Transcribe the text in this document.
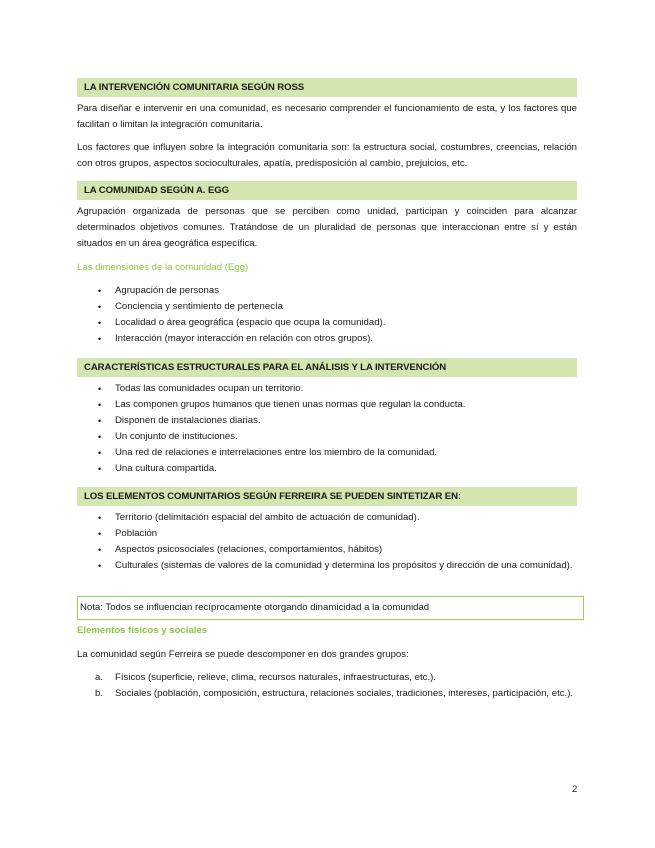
LA INTERVENCIÓN COMUNITARIA SEGÚN ROSS

Para diseñar e intervenir en una comunidad, es necesario comprender el funcionamiento de esta, y los factores que facilitan o limitan la integración comunitaria.

Los factores que influyen sobre la integración comunitaria son: la estructura social, costumbres, creencias, relación con otros grupos, aspectos socioculturales, apatía, predisposición al cambio, prejuicios, etc.

LA COMUNIDAD SEGÚN A. EGG

Agrupación organizada de personas que se perciben como unidad, participan y coinciden para alcanzar determinados objetivos comunes. Tratándose de un pluralidad de personas que interaccionan entre sí y están situados en un área geográfica específica.

Las dimensiones de la comunidad (Egg)
• Agrupación de personas
• Conciencia y sentimiento de pertenecía
• Localidad o área geográfica (espacio que ocupa la comunidad).
• Interacción (mayor interacción en relación con otros grupos).
CARACTERÍSTICAS ESTRUCTURALES PARA EL ANÁLISIS Y LA INTERVENCIÓN
• Todas las comunidades ocupan un territorio.
• Las componen grupos humanos que tienen unas normas que regulan la conducta.
• Disponen de instalaciones diarias.
• Un conjunto de instituciones.
• Una red de relaciones e interrelaciones entre los miembro de la comunidad.
• Una cultura compartida.
LOS ELEMENTOS COMUNITARIOS SEGÚN FERREIRA SE PUEDEN SINTETIZAR EN:
• Territorio (delimitación espacial del ambito de actuación de comunidad).
• Población
• Aspectos psicosociales (relaciones, comportamientos, hábitos)
• Culturales (sistemas de valores de la comunidad y determina los propósitos y dirección de una comunidad).
Nota: Todos se influencian recíprocamente otorgando dinamicidad a la comunidad
Elementos físicos y sociales

La comunidad según Ferreira se puede descomponer en dos grandes grupos:

a. Físicos (superficie, relieve, clima, recursos naturales, infraestructuras, etc.).
b. Sociales (población, composición, estructura, relaciones sociales, tradiciones, intereses, participación, etc.).
2
